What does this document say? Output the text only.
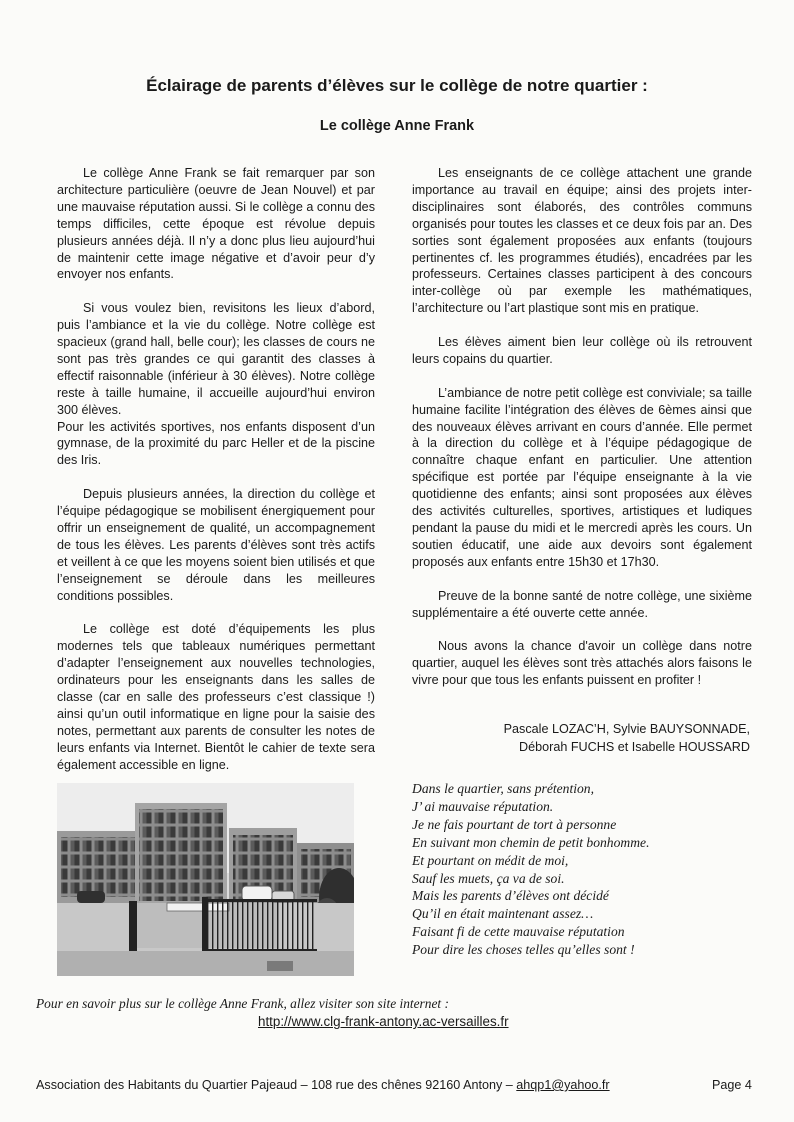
Éclairage de parents d’élèves sur le collège de notre quartier :
Le collège Anne Frank

Le collège Anne Frank se fait remarquer par son architecture particulière (oeuvre de Jean Nouvel) et par une mauvaise réputation aussi. Si le collège a connu des temps difficiles, cette époque est révolue depuis plusieurs années déjà. Il n’y a donc plus lieu aujourd’hui de maintenir cette image négative et d’avoir peur d’y envoyer nos enfants.

Si vous voulez bien, revisitons les lieux d’abord, puis l’ambiance et la vie du collège. Notre collège est spacieux (grand hall, belle cour); les classes de cours ne sont pas très grandes ce qui garantit des classes à effectif raisonnable (inférieur à 30 élèves). Notre collège reste à taille humaine, il accueille aujourd’hui environ 300 élèves.

Pour les activités sportives, nos enfants disposent d’un gymnase, de la proximité du parc Heller et de la piscine des Iris.

Depuis plusieurs années, la direction du collège et l’équipe pédagogique se mobilisent énergiquement pour offrir un enseignement de qualité, un accompagnement de tous les élèves. Les parents d’élèves sont très actifs et veillent à ce que les moyens soient bien utilisés et que l’enseignement se déroule dans les meilleures conditions possibles.

Le collège est doté d’équipements les plus modernes tels que tableaux numériques permettant d’adapter l’enseignement aux nouvelles technologies, ordinateurs pour les enseignants dans les salles de classe (car en salle des professeurs c’est classique !) ainsi qu’un outil informatique en ligne pour la saisie des notes, permettant aux parents de consulter les notes de leurs enfants via Internet. Bientôt le cahier de texte sera également accessible en ligne.

Les enseignants de ce collège attachent une grande importance au travail en équipe; ainsi des projets inter-disciplinaires sont élaborés, des contrôles communs organisés pour toutes les classes et ce deux fois par an. Des sorties sont également proposées aux enfants (toujours pertinentes cf. les programmes étudiés), encadrées par les professeurs. Certaines classes participent à des concours inter-collège où par exemple les mathématiques, l’architecture ou l’art plastique sont mis en pratique.

Les élèves aiment bien leur collège où ils retrouvent leurs copains du quartier.

L’ambiance de notre petit collège est conviviale; sa taille humaine facilite l’intégration des élèves de 6èmes ainsi que des nouveaux élèves arrivant en cours d’année. Elle permet à la direction du collège et à l’équipe pédagogique de connaître chaque enfant en particulier. Une attention spécifique est portée par l’équipe enseignante à la vie quotidienne des enfants; ainsi sont proposées aux élèves des activités culturelles, sportives, artistiques et ludiques pendant la pause du midi et le mercredi après les cours. Un soutien éducatif, une aide aux devoirs sont également proposés aux enfants entre 15h30 et 17h30.

Preuve de la bonne santé de notre collège, une sixième supplémentaire a été ouverte cette année.

Nous avons la chance d'avoir un collège dans notre quartier, auquel les élèves sont très attachés alors faisons le vivre pour que tous les enfants puissent en profiter !

Pascale LOZAC’H, Sylvie BAUYSONNADE,
Déborah FUCHS et Isabelle HOUSSARD
Dans le quartier, sans prétention,
J’ ai mauvaise réputation.
Je ne fais pourtant de tort à personne
En suivant mon chemin de petit bonhomme.
Et pourtant on médit de moi,
Sauf les muets, ça va de soi.
Mais les parents d’élèves ont décidé
Qu’il en était maintenant assez…
Faisant fi de cette mauvaise réputation
Pour dire les choses telles qu’elles sont !

Pour en savoir plus sur le collège Anne Frank, allez visiter son site internet :

http://www.clg-frank-antony.ac-versailles.fr

Association des Habitants du Quartier Pajeaud – 108 rue des chênes 92160 Antony – ahqp1@yahoo.fr	Page 4
